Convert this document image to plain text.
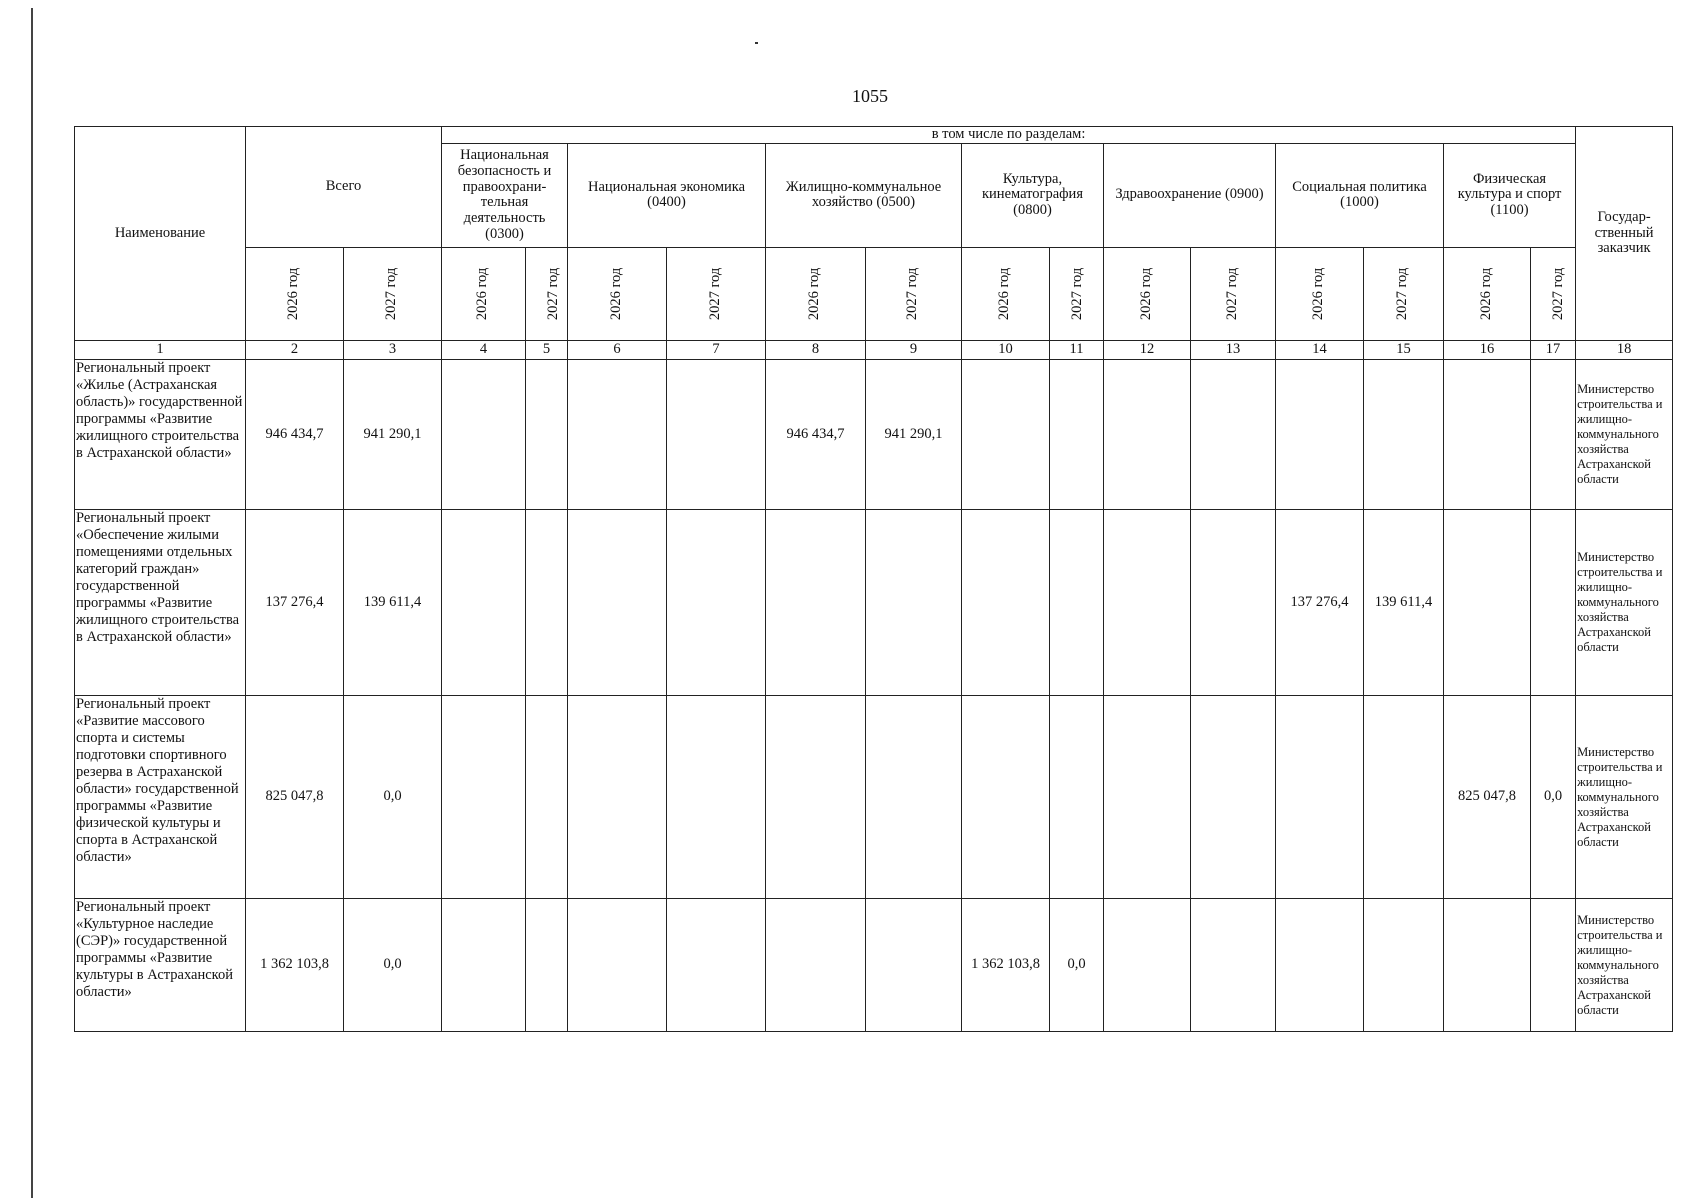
1055
Наименование	Всего		в том числе по разделам:														Государ-ственный заказчик
			Национальная безопасность и правоохрани-тельная деятельность (0300)		Национальная экономика (0400)		Жилищно-коммунальное хозяйство (0500)		Культура, кинематография (0800)		Здравоохранение (0900)		Социальная политика (1000)		Физическая культура и спорт (1100)		
	2026 год	2027 год	2026 год	2027 год	2026 год	2027 год	2026 год	2027 год	2026 год	2027 год	2026 год	2027 год	2026 год	2027 год	2026 год	2027 год	
1	2	3	4	5	6	7	8	9	10	11	12	13	14	15	16	17	18
Региональный проект «Жилье (Астраханская область)» государственной программы «Развитие жилищного строительства в Астраханской области»	946 434,7	941 290,1					946 434,7	941 290,1									Министерство строительства и жилищно-коммунального хозяйства Астраханской области
Региональный проект «Обеспечение жилыми помещениями отдельных категорий граждан» государственной программы «Развитие жилищного строительства в Астраханской области»	137 276,4	139 611,4											137 276,4	139 611,4			Министерство строительства и жилищно-коммунального хозяйства Астраханской области
Региональный проект «Развитие массового спорта и системы подготовки спортивного резерва в Астраханской области» государственной программы «Развитие физической культуры и спорта в Астраханской области»	825 047,8	0,0													825 047,8	0,0	Министерство строительства и жилищно-коммунального хозяйства Астраханской области
Региональный проект «Культурное наследие (СЭР)» государственной программы «Развитие культуры в Астраханской области»	1 362 103,8	0,0							1 362 103,8	0,0							Министерство строительства и жилищно-коммунального хозяйства Астраханской области
